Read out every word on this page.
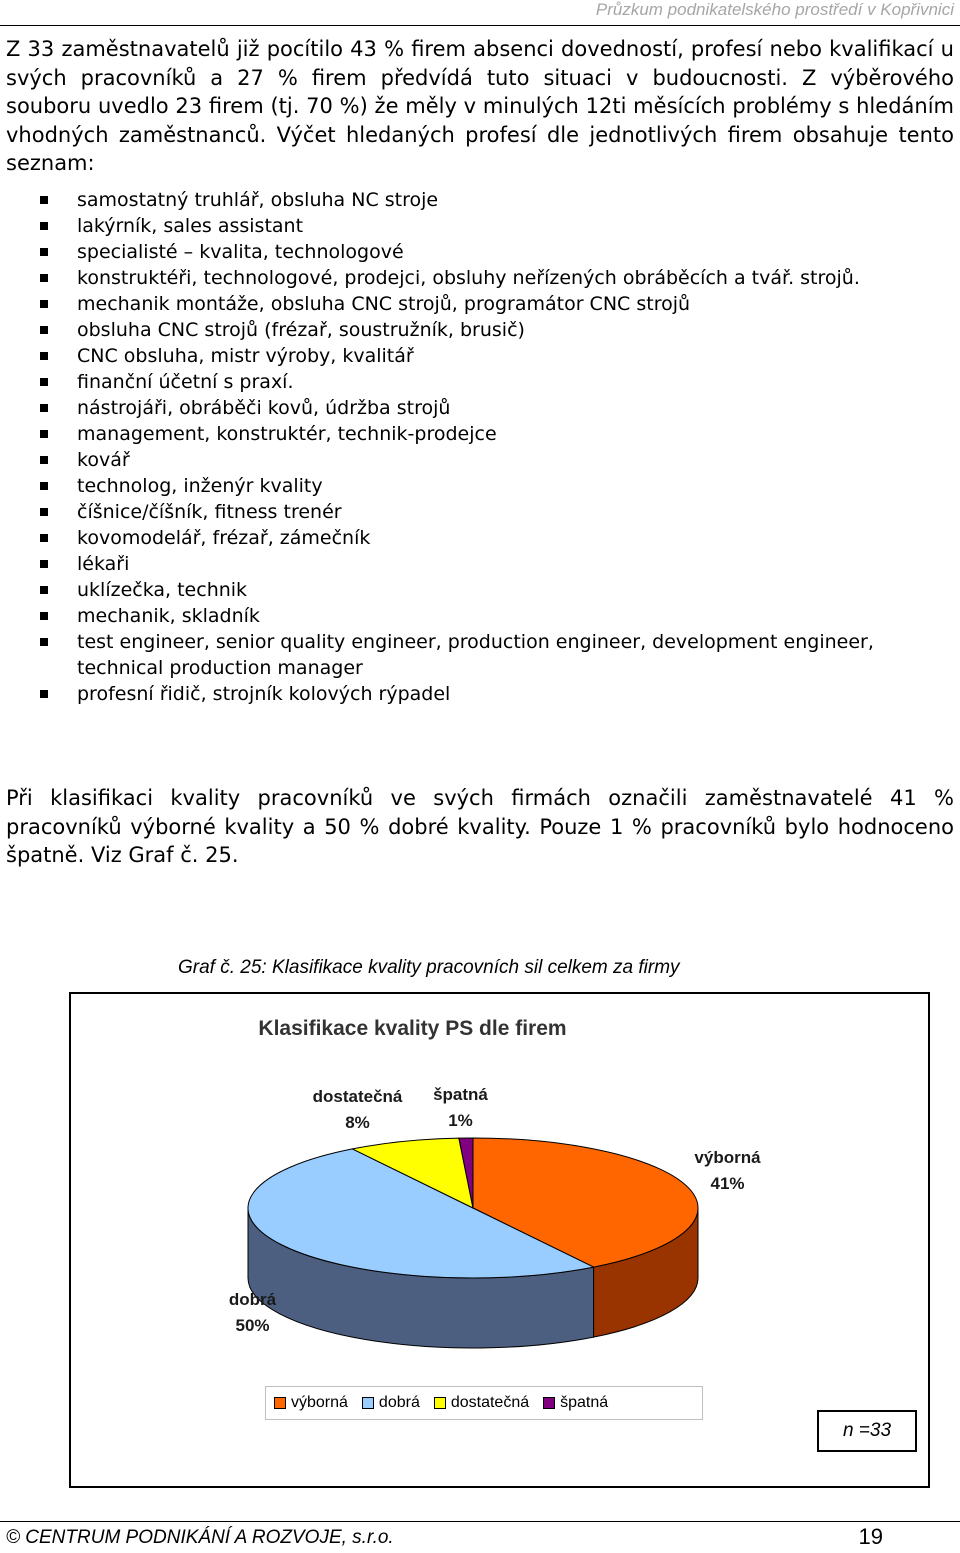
Průzkum podnikatelského prostředí v Kopřivnici

Z 33 zaměstnavatelů již pocítilo 43 % firem absenci dovedností, profesí nebo kvalifikací u svých pracovníků a 27 % firem předvídá tuto situaci v budoucnosti. Z výběrového souboru uvedlo 23 firem (tj. 70 %) že měly v minulých 12ti měsících problémy s hledáním vhodných zaměstnanců. Výčet hledaných profesí dle jednotlivých firem obsahuje tento seznam:

samostatný truhlář, obsluha NC stroje
lakýrník, sales assistant
specialisté – kvalita, technologové
konstruktéři, technologové, prodejci, obsluhy neřízených obráběcích a tvář. strojů.
mechanik montáže, obsluha CNC strojů, programátor CNC strojů
obsluha CNC strojů (frézař, soustružník, brusič)
CNC obsluha, mistr výroby, kvalitář
finanční účetní s praxí.
nástrojáři, obráběči kovů, údržba strojů
management, konstruktér, technik-prodejce
kovář
technolog, inženýr kvality
číšnice/číšník, fitness trenér
kovomodelář, frézař, zámečník
lékaři
uklízečka, technik
mechanik, skladník
test engineer, senior quality engineer, production engineer, development engineer, technical production manager
profesní řidič, strojník kolových rýpadel

Při klasifikaci kvality pracovníků ve svých firmách označili zaměstnavatelé 41 % pracovníků výborné kvality a 50 % dobré kvality. Pouze 1 % pracovníků bylo hodnoceno špatně. Viz Graf č. 25.

Graf č. 25: Klasifikace kvality pracovních sil celkem za firmy
Klasifikace kvality PS dle firem
výborná
41%
dobrá
50%
dostatečná
8%
špatná
1%
výborná dobrá dostatečná špatná
n =33
© CENTRUM PODNIKÁNÍ A ROZVOJE, s.r.o.	19
